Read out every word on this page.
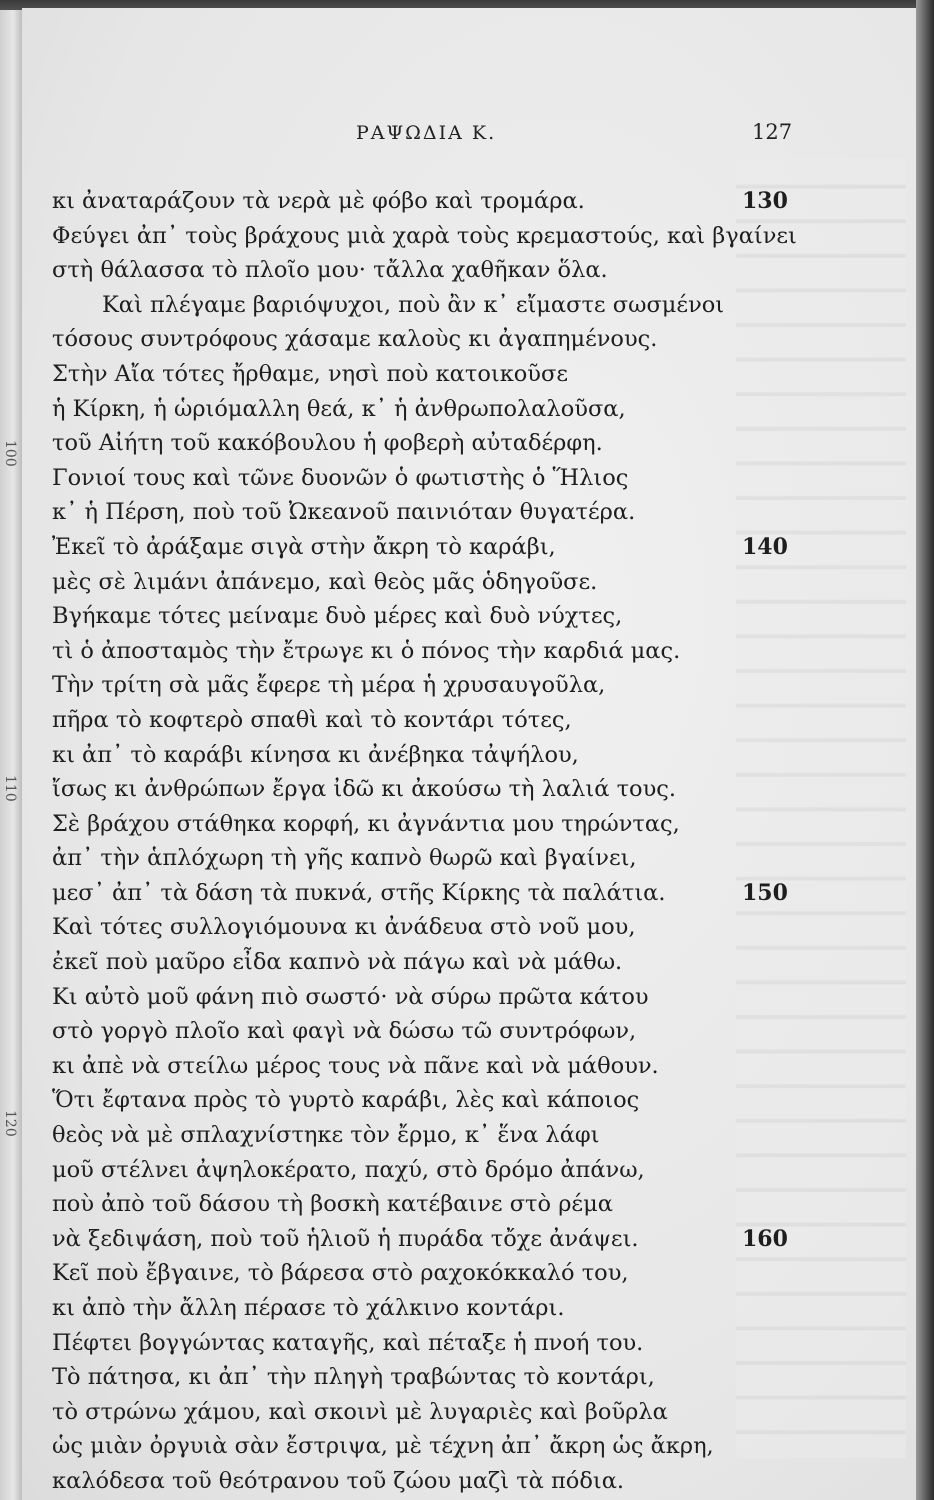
100
110
120
ΡΑΨΩΔΙΑ Κ.	127
κι ἀναταράζουν τὰ νερὰ μὲ φόβο καὶ τρομάρα.	130
Φεύγει ἀπ᾽ τοὺς βράχους μιὰ χαρὰ τοὺς κρεμαστούς, καὶ βγαίνει
στὴ θάλασσα τὸ πλοῖο μου· τἄλλα χαθῆκαν ὅλα.
Καὶ πλέγαμε βαριόψυχοι, ποὺ ἂν κ᾽ εἴμαστε σωσμένοι
τόσους συντρόφους χάσαμε καλοὺς κι ἀγαπημένους.
Στὴν Αἴα τότες ἤρθαμε, νησὶ ποὺ κατοικοῦσε
ἡ Κίρκη, ἡ ὡριόμαλλη θεά, κ᾽ ἡ ἀνθρωπολαλοῦσα,
τοῦ Αἰήτη τοῦ κακόβουλου ἡ φοβερὴ αὐταδέρφη.
Γονιοί τους καὶ τῶνε δυονῶν ὁ φωτιστὴς ὁ Ἥλιος
κ᾽ ἡ Πέρση, ποὺ τοῦ Ὠκεανοῦ παινιόταν θυγατέρα.
Ἐκεῖ τὸ ἀράξαμε σιγὰ στὴν ἄκρη τὸ καράβι,	140
μὲς σὲ λιμάνι ἀπάνεμο, καὶ θεὸς μᾶς ὁδηγοῦσε.
Βγήκαμε τότες μείναμε δυὸ μέρες καὶ δυὸ νύχτες,
τὶ ὁ ἀποσταμὸς τὴν ἔτρωγε κι ὁ πόνος τὴν καρδιά μας.
Τὴν τρίτη σὰ μᾶς ἔφερε τὴ μέρα ἡ χρυσαυγοῦλα,
πῆρα τὸ κοφτερὸ σπαθὶ καὶ τὸ κοντάρι τότες,
κι ἀπ᾽ τὸ καράβι κίνησα κι ἀνέβηκα τἀψήλου,
ἴσως κι ἀνθρώπων ἔργα ἰδῶ κι ἀκούσω τὴ λαλιά τους.
Σὲ βράχου στάθηκα κορφή, κι ἀγνάντια μου τηρώντας,
ἀπ᾽ τὴν ἁπλόχωρη τὴ γῆς καπνὸ θωρῶ καὶ βγαίνει,
μεσ᾽ ἀπ᾽ τὰ δάση τὰ πυκνά, στῆς Κίρκης τὰ παλάτια.	150
Καὶ τότες συλλογιόμουνα κι ἀνάδευα στὸ νοῦ μου,
ἐκεῖ ποὺ μαῦρο εἶδα καπνὸ νὰ πάγω καὶ νὰ μάθω.
Κι αὐτὸ μοῦ φάνη πιὸ σωστό· νὰ σύρω πρῶτα κάτου
στὸ γοργὸ πλοῖο καὶ φαγὶ νὰ δώσω τῶ συντρόφων,
κι ἀπὲ νὰ στείλω μέρος τους νὰ πᾶνε καὶ νὰ μάθουν.
Ὅτι ἔφτανα πρὸς τὸ γυρτὸ καράβι, λὲς καὶ κάποιος
θεὸς νὰ μὲ σπλαχνίστηκε τὸν ἔρμο, κ᾽ ἕνα λάφι
μοῦ στέλνει ἀψηλοκέρατο, παχύ, στὸ δρόμο ἀπάνω,
ποὺ ἀπὸ τοῦ δάσου τὴ βοσκὴ κατέβαινε στὸ ρέμα
νὰ ξεδιψάση, ποὺ τοῦ ἡλιοῦ ἡ πυράδα τὄχε ἀνάψει.	160
Κεῖ ποὺ ἔβγαινε, τὸ βάρεσα στὸ ραχοκόκκαλό του,
κι ἀπὸ τὴν ἄλλη πέρασε τὸ χάλκινο κοντάρι.
Πέφτει βογγώντας καταγῆς, καὶ πέταξε ἡ πνοή του.
Τὸ πάτησα, κι ἀπ᾽ τὴν πληγὴ τραβώντας τὸ κοντάρι,
τὸ στρώνω χάμου, καὶ σκοινὶ μὲ λυγαριὲς καὶ βοῦρλα
ὡς μιὰν ὀργυιὰ σὰν ἔστριψα, μὲ τέχνη ἀπ᾽ ἄκρη ὡς ἄκρη,
καλόδεσα τοῦ θεότρανου τοῦ ζώου μαζὶ τὰ πόδια.
